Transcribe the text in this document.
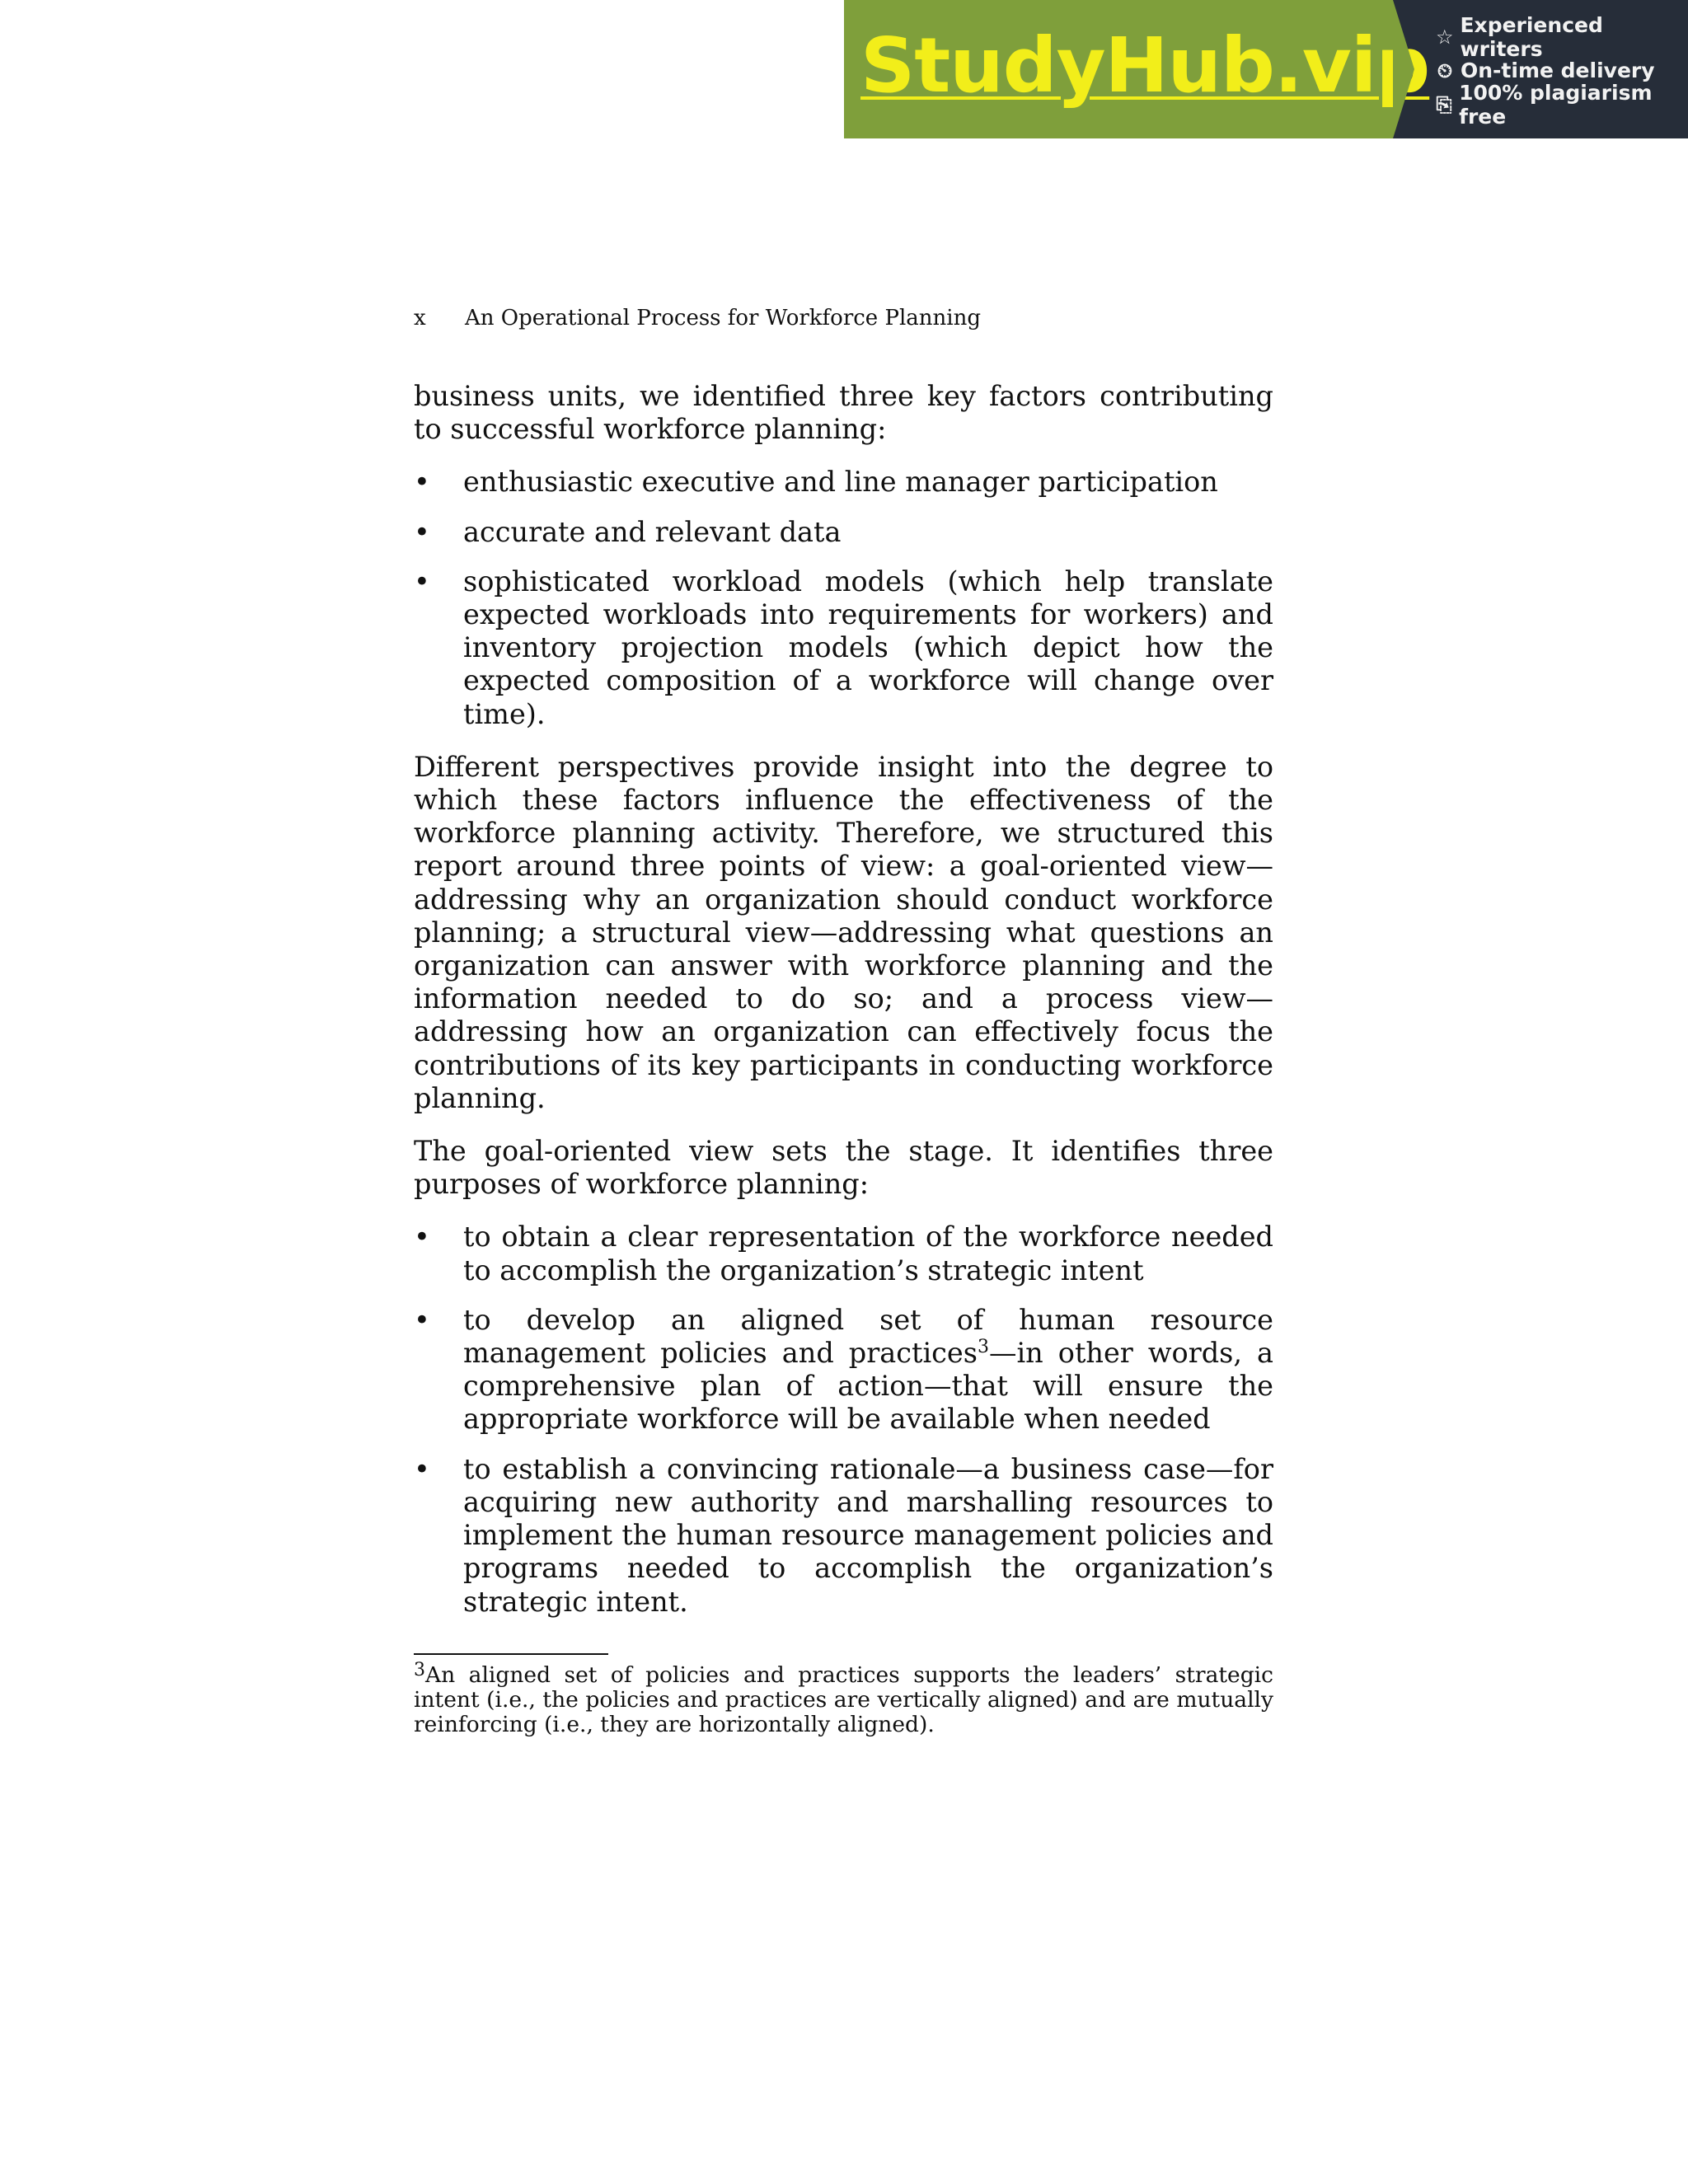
StudyHub.vip ☆ Experienced writers
⏲ On-time delivery
⎘ 100% plagiarism free
x	An Operational Process for Workforce Planning

business units, we identified three key factors contributing to successful workforce planning:

•	enthusiastic executive and line manager participation
•	accurate and relevant data
•	sophisticated workload models (which help translate expected workloads into requirements for workers) and inventory projection models (which depict how the expected composition of a workforce will change over time).

Different perspectives provide insight into the degree to which these factors influence the effectiveness of the workforce planning activity. Therefore, we structured this report around three points of view: a goal-oriented view—addressing why an organization should conduct workforce planning; a structural view—addressing what questions an organization can answer with workforce planning and the information needed to do so; and a process view—addressing how an organization can effectively focus the contributions of its key participants in conducting workforce planning.

The goal-oriented view sets the stage. It identifies three purposes of workforce planning:

•	to obtain a clear representation of the workforce needed to accomplish the organization’s strategic intent
•	to develop an aligned set of human resource management policies and practices$^3$—in other words, a comprehensive plan of action—that will ensure the appropriate workforce will be available when needed
•	to establish a convincing rationale—a business case—for acquiring new authority and marshalling resources to implement the human resource management policies and programs needed to accomplish the organization’s strategic intent.
$^3$An aligned set of policies and practices supports the leaders’ strategic intent (i.e., the policies and practices are vertically aligned) and are mutually reinforcing (i.e., they are horizontally aligned).
